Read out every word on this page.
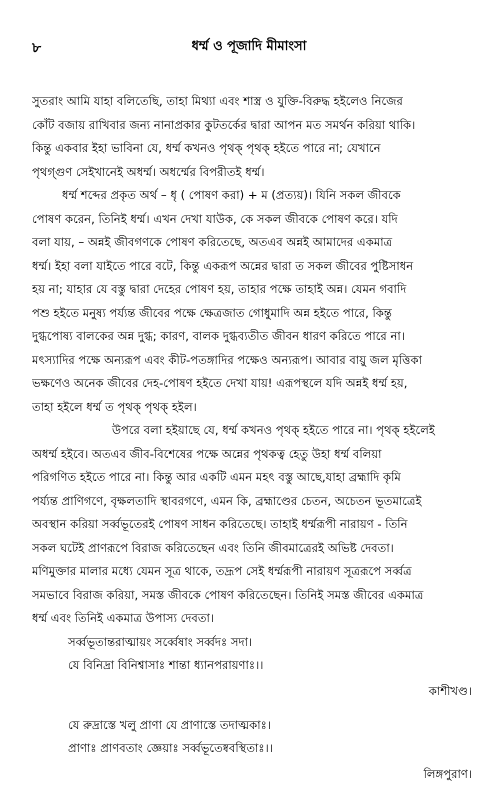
৮	ধর্ম্ম ও পূজাদি মীমাংসা

সুতরাং আমি যাহা বলিতেছি, তাহা মিথ্যা এবং শাস্ত্র ও যুক্তি-বিরুদ্ধ হইলেও নিজের
কোঁট বজায় রাখিবার জন্য নানাপ্রকার কুটতর্কের দ্বারা আপন মত সমর্থন করিয়া থাকি।
কিন্তু একবার ইহা ভাবিনা যে, ধর্ম্ম কখনও পৃথক্ পৃথক্ হইতে পারে না; যেখানে
পৃথগ্‌গুণ সেইখানেই অধর্ম্ম। অধর্ম্মের বিপরীতই ধর্ম্ম।

ধর্ম্ম শব্দের প্রকৃত অর্থ – ধৃ ( পোষণ করা) + ম (প্রত্যয়)। যিনি সকল জীবকে
পোষণ করেন, তিনিই ধর্ম্ম। এখন দেখা যাউক, কে সকল জীবকে পোষণ করে। যদি
বলা যায়, – অন্নই জীবগণকে পোষণ করিতেছে, অতএব অন্নই আমাদের একমাত্র
ধর্ম্ম। ইহা বলা যাইতে পারে বটে, কিন্তু একরূপ অন্নের দ্বারা ত সকল জীবের পুষ্টিসাধন
হয় না; যাহার যে বস্তু দ্বারা দেহের পোষণ হয়, তাহার পক্ষে তাহাই অন্ন। যেমন গবাদি
পশু হইতে মনুষ্য পর্য্যন্ত জীবের পক্ষে ক্ষেত্রজাত গোধুমাদি অন্ন হইতে পারে, কিন্তু
দুগ্ধপোষ্য বালকের অন্ন দুগ্ধ; কারণ, বালক দুগ্ধব্যতীত জীবন ধারণ করিতে পারে না।
মৎস্যাদির পক্ষে অন্যরূপ এবং কীট-পতঙ্গাদির পক্ষেও অন্যরূপ। আবার বায়ু জল মৃত্তিকা
ভক্ষণেও অনেক জীবের দেহ-পোষণ হইতে দেখা যায়! এরূপস্থলে যদি অন্নই ধর্ম্ম হয়,
তাহা হইলে ধর্ম্ম ত পৃথক্ পৃথক্ হইল।

উপরে বলা হইয়াছে যে, ধর্ম্ম কখনও পৃথক্ হইতে পারে না। পৃথক্ হইলেই
অধর্ম্ম হইবে। অতএব জীব-বিশেষের পক্ষে অন্নের পৃথকত্ব হেতু উহা ধর্ম্ম বলিয়া
পরিগণিত হইতে পারে না। কিন্তু আর একটি এমন মহৎ বস্তু আছে,যাহা ব্রহ্মাদি কৃমি
পর্য্যন্ত প্রাণিগণে, বৃক্ষলতাদি স্থাবরগণে, এমন কি, ব্রহ্মাণ্ডের চেতন, অচেতন ভূতমাত্রেই
অবস্থান করিয়া সর্ব্বভূতেরই পোষণ সাধন করিতেছে। তাহাই ধর্ম্মরূপী নারায়ণ - তিনি
সকল ঘটেই প্রাণরূপে বিরাজ করিতেছেন এবং তিনি জীবমাত্রেরই অভিষ্ট দেবতা।
মণিমুক্তার মালার মধ্যে যেমন সূত্র থাকে, তদ্রূপ সেই ধর্ম্মরূপী নারায়ণ সূত্ররূপে সর্ব্বত্র
সমভাবে বিরাজ করিয়া, সমস্ত জীবকে পোষণ করিতেছেন। তিনিই সমস্ত জীবের একমাত্র
ধর্ম্ম এবং তিনিই একমাত্র উপাস্য দেবতা।

সর্ব্বভূতান্তরাত্মায়ং সর্ব্বেষাং সর্ব্বদঃ সদা।
যে বিনিদ্রা বিনিশ্বাসাঃ শান্তা ধ্যানপরায়ণাঃ।।
কাশীখণ্ড।
যে রুদ্রাস্তে খলু প্রাণা যে প্রাণাস্তে তদাত্মকাঃ।
প্রাণাঃ প্রাণবতাং জ্ঞেয়াঃ সর্ব্বভূতেষ্ববস্থিতাঃ।।
লিঙ্গপুরাণ।
